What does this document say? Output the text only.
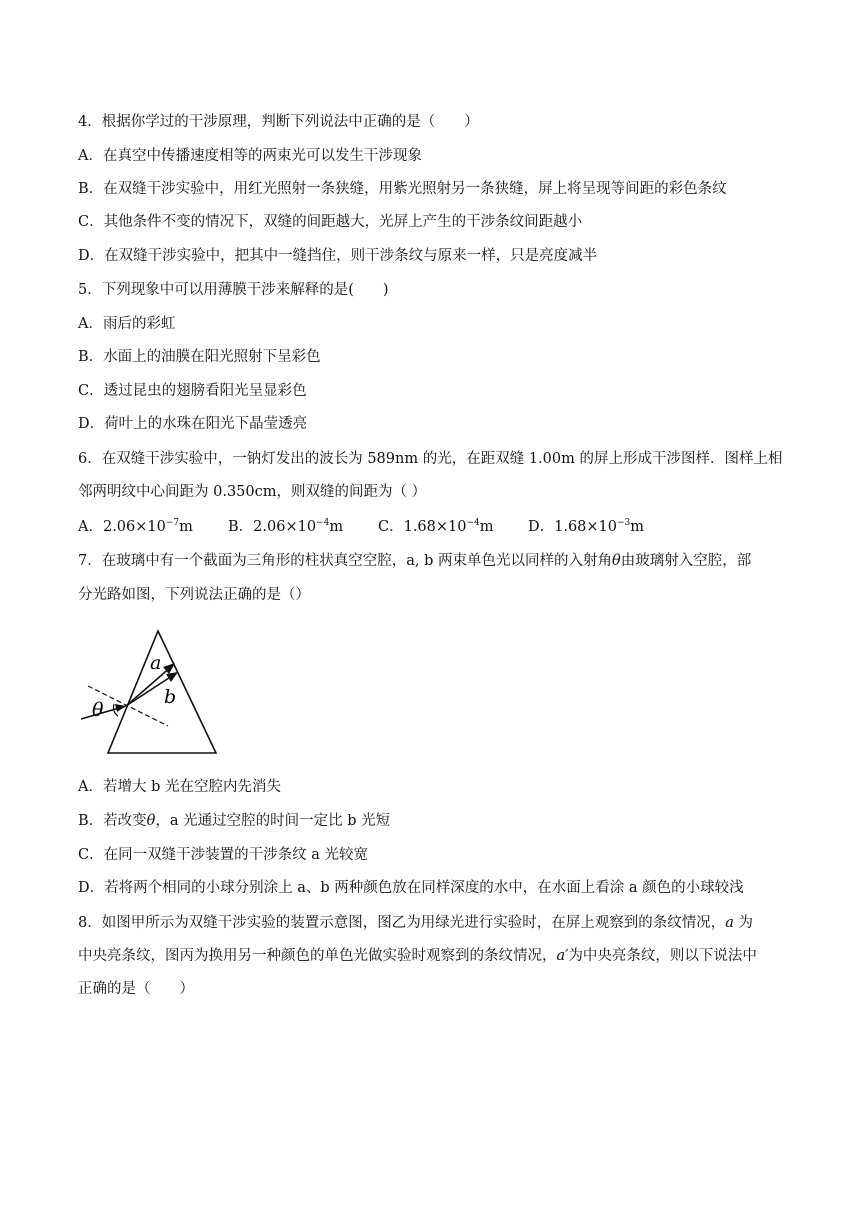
4．根据你学过的干涉原理，判断下列说法中正确的是（　　）
A．在真空中传播速度相等的两束光可以发生干涉现象
B．在双缝干涉实验中，用红光照射一条狭缝，用紫光照射另一条狭缝，屏上将呈现等间距的彩色条纹
C．其他条件不变的情况下，双缝的间距越大，光屏上产生的干涉条纹间距越小
D．在双缝干涉实验中，把其中一缝挡住，则干涉条纹与原来一样，只是亮度减半
5．下列现象中可以用薄膜干涉来解释的是(　　)
A．雨后的彩虹
B．水面上的油膜在阳光照射下呈彩色
C．透过昆虫的翅膀看阳光呈显彩色
D．荷叶上的水珠在阳光下晶莹透亮
6．在双缝干涉实验中，一钠灯发出的波长为 589nm 的光，在距双缝 1.00m 的屏上形成干涉图样．图样上相
邻两明纹中心间距为 0.350cm，则双缝的间距为（ ）
A．$2.06\times 10^{-7}m$ B．$2.06\times 10^{-4}m$ C．$1.68\times 10^{-4}m$ D．$1.68\times 10^{-3}m$
7．在玻璃中有一个截面为三角形的柱状真空空腔，a, b 两束单色光以同样的入射角θ由玻璃射入空腔，部
分光路如图，下列说法正确的是（）
a
b
θ
A．若增大 b 光在空腔内先消失
B．若改变θ，a 光通过空腔的时间一定比 b 光短
C．在同一双缝干涉装置的干涉条纹 a 光较宽
D．若将两个相同的小球分别涂上 a、b 两种颜色放在同样深度的水中，在水面上看涂 a 颜色的小球较浅
8．如图甲所示为双缝干涉实验的装置示意图，图乙为用绿光进行实验时，在屏上观察到的条纹情况，a 为
中央亮条纹，图丙为换用另一种颜色的单色光做实验时观察到的条纹情况，a′为中央亮条纹，则以下说法中
正确的是（　　）
